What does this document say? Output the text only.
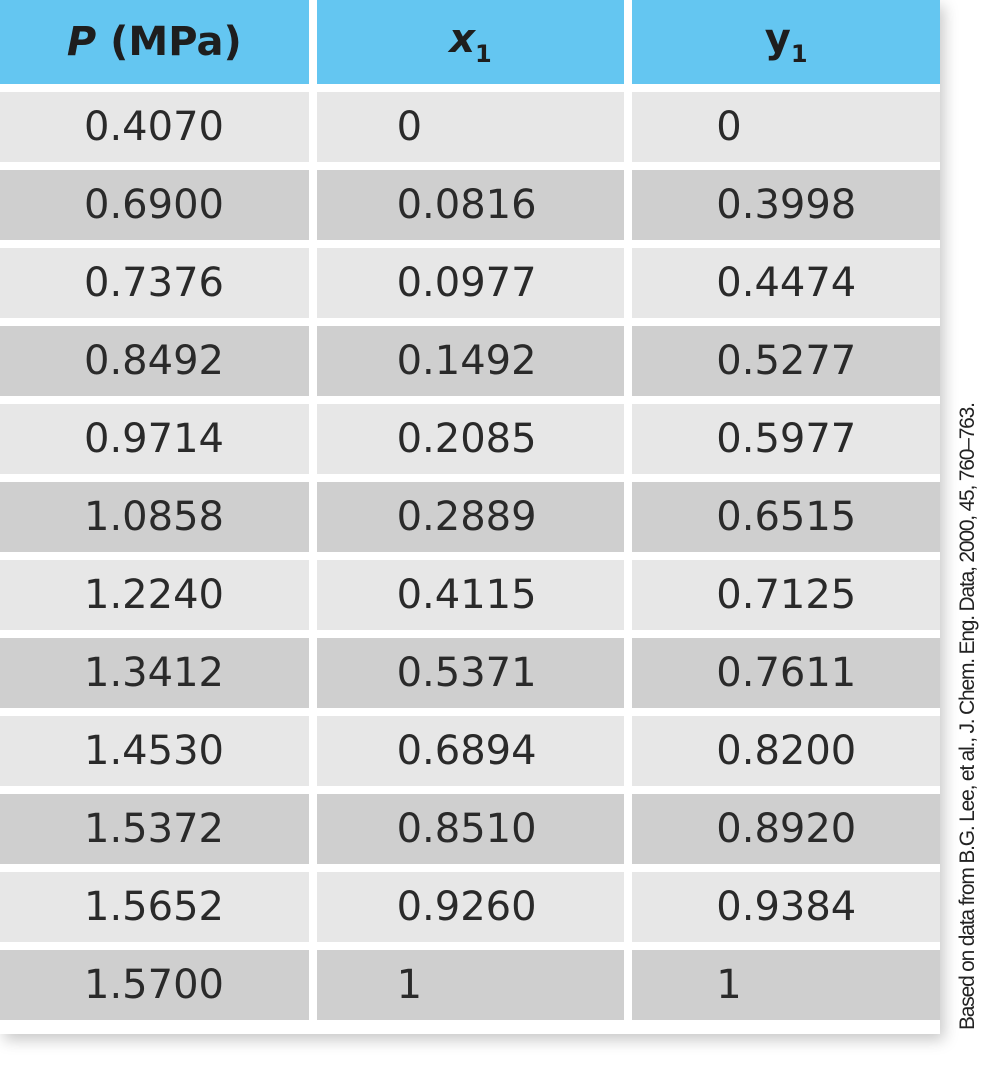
P (MPa)	$x_1$	$y_1$
0.4070	0	0
0.6900	0.0816	0.3998
0.7376	0.0977	0.4474
0.8492	0.1492	0.5277
0.9714	0.2085	0.5977
1.0858	0.2889	0.6515
1.2240	0.4115	0.7125
1.3412	0.5371	0.7611
1.4530	0.6894	0.8200
1.5372	0.8510	0.8920
1.5652	0.9260	0.9384
1.5700	1	1	Based on data from B.G. Lee, et al., J. Chem. Eng. Data, 2000, 45, 760–763.
